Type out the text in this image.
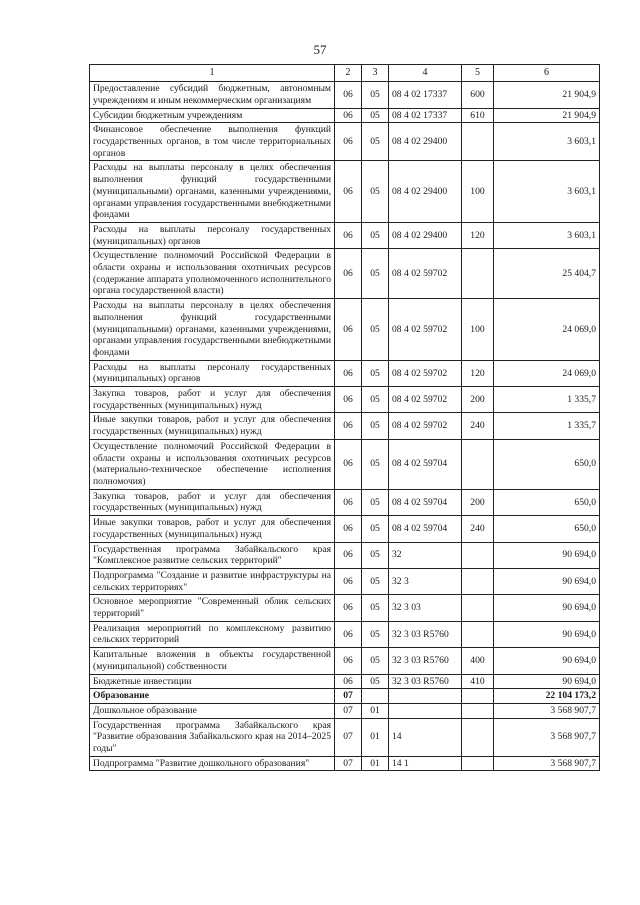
57
1	2	3	4	5	6
Предоставление субсидий бюджетным, автономным учреждениям и иным некоммерческим организациям	06	05	08 4 02 17337	600	21 904,9
Субсидии бюджетным учреждениям	06	05	08 4 02 17337	610	21 904,9
Финансовое обеспечение выполнения функций государственных органов, в том числе территориальных органов	06	05	08 4 02 29400		3 603,1
Расходы на выплаты персоналу в целях обеспечения выполнения функций государственными (муниципальными) органами, казенными учреждениями, органами управления государственными внебюджетными фондами	06	05	08 4 02 29400	100	3 603,1
Расходы на выплаты персоналу государственных (муниципальных) органов	06	05	08 4 02 29400	120	3 603,1
Осуществление полномочий Российской Федерации в области охраны и использования охотничьих ресурсов (содержание аппарата уполномоченного исполнительного органа государственной власти)	06	05	08 4 02 59702		25 404,7
Расходы на выплаты персоналу в целях обеспечения выполнения функций государственными (муниципальными) органами, казенными учреждениями, органами управления государственными внебюджетными фондами	06	05	08 4 02 59702	100	24 069,0
Расходы на выплаты персоналу государственных (муниципальных) органов	06	05	08 4 02 59702	120	24 069,0
Закупка товаров, работ и услуг для обеспечения государственных (муниципальных) нужд	06	05	08 4 02 59702	200	1 335,7
Иные закупки товаров, работ и услуг для обеспечения государственных (муниципальных) нужд	06	05	08 4 02 59702	240	1 335,7
Осуществление полномочий Российской Федерации в области охраны и использования охотничьих ресурсов (материально-техническое обеспечение исполнения полномочия)	06	05	08 4 02 59704		650,0
Закупка товаров, работ и услуг для обеспечения государственных (муниципальных) нужд	06	05	08 4 02 59704	200	650,0
Иные закупки товаров, работ и услуг для обеспечения государственных (муниципальных) нужд	06	05	08 4 02 59704	240	650,0
Государственная программа Забайкальского края "Комплексное развитие сельских территорий"	06	05	32		90 694,0
Подпрограмма "Создание и развитие инфраструктуры на сельских территориях"	06	05	32 3		90 694,0
Основное мероприятие "Современный облик сельских территорий"	06	05	32 3 03		90 694,0
Реализация мероприятий по комплексному развитию сельских территорий	06	05	32 3 03 R5760		90 694,0
Капитальные вложения в объекты государственной (муниципальной) собственности	06	05	32 3 03 R5760	400	90 694,0
Бюджетные инвестиции	06	05	32 3 03 R5760	410	90 694,0
Образование	07				22 104 173,2
Дошкольное образование	07	01			3 568 907,7
Государственная программа Забайкальского края "Развитие образования Забайкальского края на 2014–2025 годы"	07	01	14		3 568 907,7
Подпрограмма "Развитие дошкольного образования"	07	01	14 1		3 568 907,7
